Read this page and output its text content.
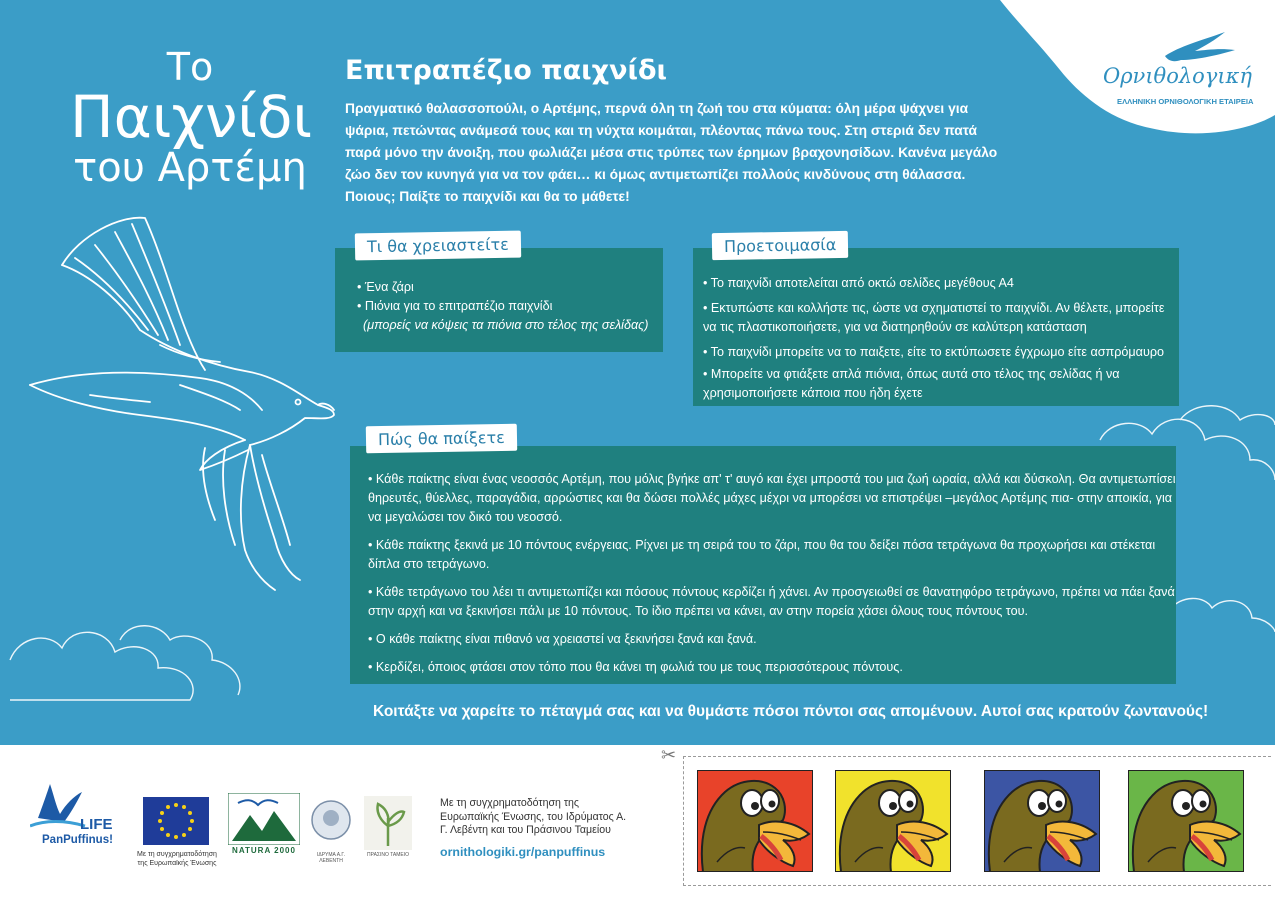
Το
Παιχνίδι
του Αρτέμη
Επιτραπέζιο παιχνίδι
Πραγματικό θαλασσοπούλι, ο Αρτέμης, περνά όλη τη ζωή του στα κύματα: όλη μέρα ψάχνει για ψάρια, πετώντας ανάμεσά τους και τη νύχτα κοιμάται, πλέοντας πάνω τους. Στη στεριά δεν πατά παρά μόνο την άνοιξη, που φωλιάζει μέσα στις τρύπες των έρημων βραχονησίδων. Κανένα μεγάλο ζώο δεν τον κυνηγά για να τον φάει… κι όμως αντιμετωπίζει πολλούς κινδύνους στη θάλασσα. Ποιους; Παίξτε το παιχνίδι και θα το μάθετε!
Ορνιθολογική
ΕΛΛΗΝΙΚΗ ΟΡΝΙΘΟΛΟΓΙΚΗ ΕΤΑΙΡΕΙΑ

• Ένα ζάρι

• Πιόνια για το επιτραπέζιο παιχνίδι

(μπορείς να κόψεις τα πιόνια στο τέλος της σελίδας)

Τι θα χρειαστείτε

• Το παιχνίδι αποτελείται από οκτώ σελίδες μεγέθους Α4

• Εκτυπώστε και κολλήστε τις, ώστε να σχηματιστεί το παιχνίδι. Αν θέλετε, μπορείτε να τις πλαστικοποιήσετε, για να διατηρηθούν σε καλύτερη κατάσταση

• Το παιχνίδι μπορείτε να το παιξετε, είτε το εκτύπωσετε έγχρωμο είτε ασπρόμαυρο

• Μπορείτε να φτιάξετε απλά πιόνια, όπως αυτά στο τέλος της σελίδας ή να χρησιμοποιήσετε κάποια που ήδη έχετε

Προετοιμασία

• Κάθε παίκτης είναι ένας νεοσσός Αρτέμη, που μόλις βγήκε απ' τ' αυγό και έχει μπροστά του μια ζωή ωραία, αλλά και δύσκολη. Θα αντιμετωπίσει θηρευτές, θύελλες, παραγάδια, αρρώστιες και θα δώσει πολλές μάχες μέχρι να μπορέσει να επιστρέψει –μεγάλος Αρτέμης πια- στην αποικία, για να μεγαλώσει τον δικό του νεοσσό.

• Κάθε παίκτης ξεκινά με 10 πόντους ενέργειας. Ρίχνει με τη σειρά του το ζάρι, που θα του δείξει πόσα τετράγωνα θα προχωρήσει και στέκεται δίπλα στο τετράγωνο.

• Κάθε τετράγωνο του λέει τι αντιμετωπίζει και πόσους πόντους κερδίζει ή χάνει. Αν προσγειωθεί σε θανατηφόρο τετράγωνο, πρέπει να πάει ξανά στην αρχή και να ξεκινήσει πάλι με 10 πόντους. Το ίδιο πρέπει να κάνει, αν στην πορεία χάσει όλους τους πόντους του.

• Ο κάθε παίκτης είναι πιθανό να χρειαστεί να ξεκινήσει ξανά και ξανά.

• Κερδίζει, όποιος φτάσει στον τόπο που θα κάνει τη φωλιά του με τους περισσότερους πόντους.

Πώς θα παίξετε
Κοιτάξτε να χαρείτε το πέταγμά σας και να θυμάστε πόσοι πόντοι σας απομένουν. Αυτοί σας κρατούν ζωντανούς!
LIFE
PanPuffinus!
Με τη συγχρηματοδότηση της Ευρωπαϊκής Ένωσης
NATURA 2000	ΙΔΡΥΜΑ Α.Γ. ΛΕΒΕΝΤΗ
ΠΡΑΣΙΝΟ ΤΑΜΕΙΟ
Με τη συγχρηματοδότηση της Ευρωπαϊκής Ένωσης, του Ιδρύματος Α. Γ. Λεβέντη και του Πράσινου Ταμείου
ornithologiki.gr/panpuffinus
✂
